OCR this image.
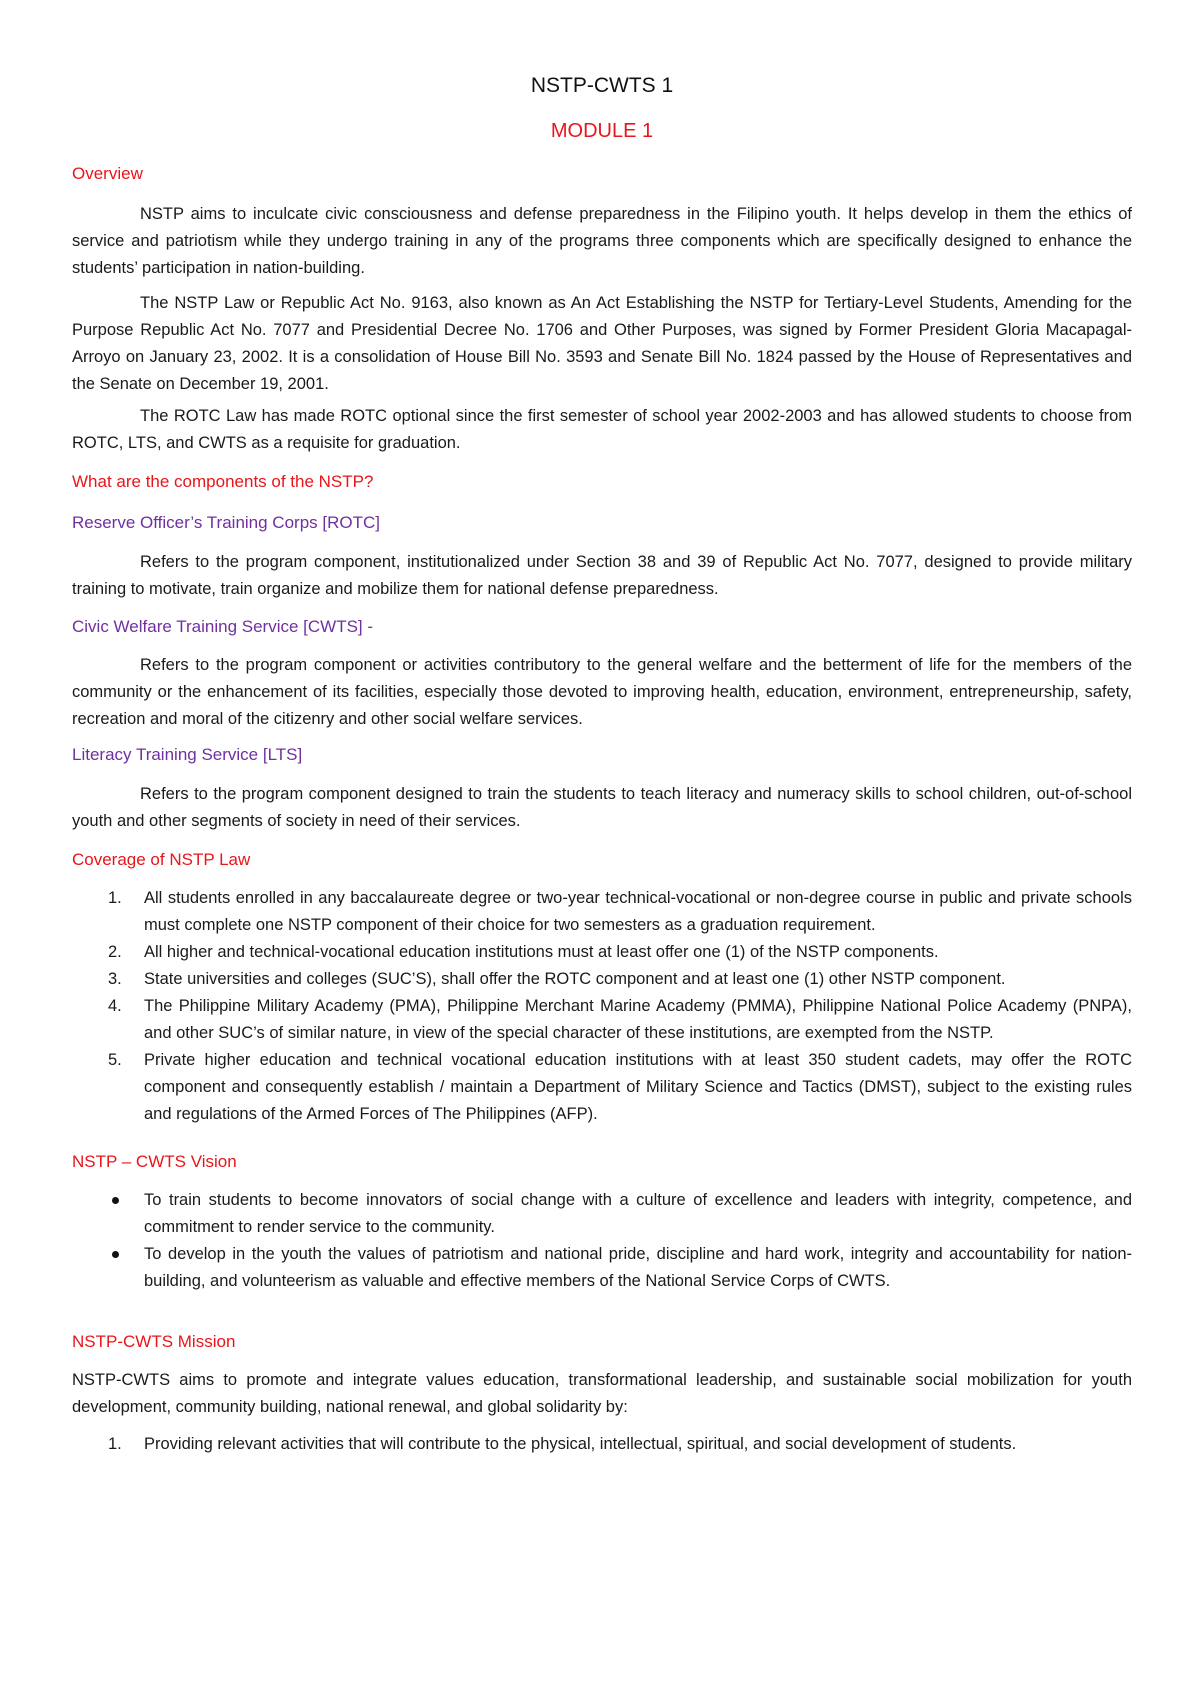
NSTP-CWTS 1
MODULE 1
Overview

NSTP aims to inculcate civic consciousness and defense preparedness in the Filipino youth. It helps develop in them the ethics of service and patriotism while they undergo training in any of the programs three components which are specifically designed to enhance the students’ participation in nation-building.

The NSTP Law or Republic Act No. 9163, also known as An Act Establishing the NSTP for Tertiary-Level Students, Amending for the Purpose Republic Act No. 7077 and Presidential Decree No. 1706 and Other Purposes, was signed by Former President Gloria Macapagal-Arroyo on January 23, 2002. It is a consolidation of House Bill No. 3593 and Senate Bill No. 1824 passed by the House of Representatives and the Senate on December 19, 2001.

The ROTC Law has made ROTC optional since the first semester of school year 2002-2003 and has allowed students to choose from ROTC, LTS, and CWTS as a requisite for graduation.

What are the components of the NSTP?
Reserve Officer’s Training Corps [ROTC]

Refers to the program component, institutionalized under Section 38 and 39 of Republic Act No. 7077, designed to provide military training to motivate, train organize and mobilize them for national defense preparedness.

Civic Welfare Training Service [CWTS] -

Refers to the program component or activities contributory to the general welfare and the betterment of life for the members of the community or the enhancement of its facilities, especially those devoted to improving health, education, environment, entrepreneurship, safety, recreation and moral of the citizenry and other social welfare services.

Literacy Training Service [LTS]

Refers to the program component designed to train the students to teach literacy and numeracy skills to school children, out-of-school youth and other segments of society in need of their services.

Coverage of NSTP Law
1.	All students enrolled in any baccalaureate degree or two-year technical-vocational or non-degree course in public and private schools must complete one NSTP component of their choice for two semesters as a graduation requirement.
2.	All higher and technical-vocational education institutions must at least offer one (1) of the NSTP components.
3.	State universities and colleges (SUC’S), shall offer the ROTC component and at least one (1) other NSTP component.
4.	The Philippine Military Academy (PMA), Philippine Merchant Marine Academy (PMMA), Philippine National Police Academy (PNPA), and other SUC’s of similar nature, in view of the special character of these institutions, are exempted from the NSTP.
5.	Private higher education and technical vocational education institutions with at least 350 student cadets, may offer the ROTC component and consequently establish / maintain a Department of Military Science and Tactics (DMST), subject to the existing rules and regulations of the Armed Forces of The Philippines (AFP).
NSTP – CWTS Vision
To train students to become innovators of social change with a culture of excellence and leaders with integrity, competence, and commitment to render service to the community.
To develop in the youth the values of patriotism and national pride, discipline and hard work, integrity and accountability for nation-building, and volunteerism as valuable and effective members of the National Service Corps of CWTS.
NSTP-CWTS Mission

NSTP-CWTS aims to promote and integrate values education, transformational leadership, and sustainable social mobilization for youth development, community building, national renewal, and global solidarity by:

1.	Providing relevant activities that will contribute to the physical, intellectual, spiritual, and social development of students.
